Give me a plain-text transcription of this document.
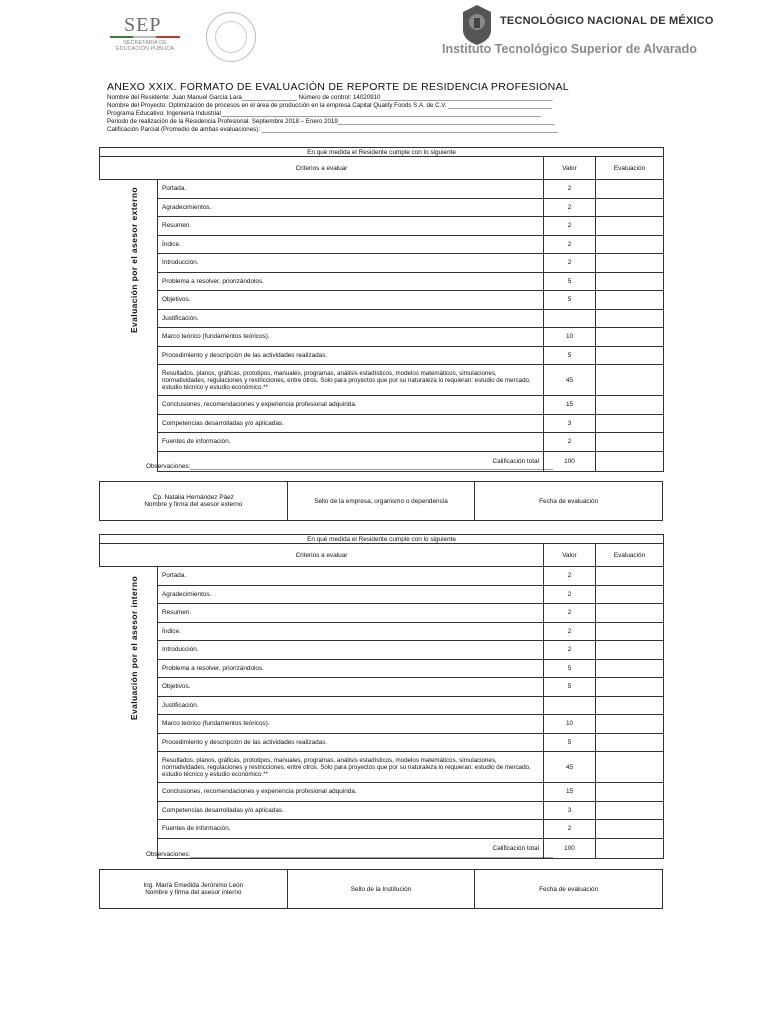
SEP
SECRETARÍA DE EDUCACIÓN PÚBLICA
TECNOLÓGICO NACIONAL DE MÉXICO
Instituto Tecnológico Superior de Alvarado
ANEXO XXIX. FORMATO DE EVALUACIÓN DE REPORTE DE RESIDENCIA PROFESIONAL
Nombre del Residente: Juan Manuel García Lara________________ Número de control: 14020910__________________________________________________
Nombre del Proyecto: Optimización de procesos en el área de producción en la empresa Capital Quality Foods S.A. de C.V. ______________________________
Programa Educativo: Ingeniería Industrial_____________________________________________________________________________________________
Periodo de realización de la Residencia Profesional: Septiembre 2018 – Enero 2019_______________________________________________________________
Calificación Parcial (Promedio de ambas evaluaciones): ______________________________________________________________________________________
Evaluación por el asesor externo
En qué medida el Residente cumple con lo siguiente			
Criterios a evaluar		Valor	Evaluación
	Portada.	2	
	Agradecimientos.	2	
	Resumen.	2	
	Índice.	2	
	Introducción.	2	
	Problema a resolver, priorizándolos.	5	
	Objetivos.	5	
	Justificación.		
	Marco teórico (fundamentos teóricos).	10	
	Procedimiento y descripción de las actividades realizadas.	5	
	Resultados, planos, gráficas, prototipos, manuales, programas, análisis estadísticos, modelos matemáticos, simulaciones, normatividades, regulaciones y restricciones, entre otros. Solo para proyectos que por su naturaleza lo requieran: estudio de mercado, estudio técnico y estudio económico.**	45	
	Conclusiones, recomendaciones y experiencia profesional adquirida.	15	
	Competencias desarrolladas y/o aplicadas.	3	
	Fuentes de información.	2	
	Calificación total	100	
Observaciones:______________________________________________________________________________________________________
Cp. Natalia Hernández Páez
Nombre y firma del asesor externo	Sello de la empresa, organismo o dependencia	Fecha de evaluación
Evaluación por el asesor interno
En qué medida el Residente cumple con lo siguiente			
Criterios a evaluar		Valor	Evaluación
	Portada.	2	
	Agradecimientos.	2	
	Resumen.	2	
	Índice.	2	
	Introducción.	2	
	Problema a resolver, priorizándolos.	5	
	Objetivos.	5	
	Justificación.		
	Marco teórico (fundamentos teóricos).	10	
	Procedimiento y descripción de las actividades realizadas.	5	
	Resultados, planos, gráficas, prototipos, manuales, programas, análisis estadísticos, modelos matemáticos, simulaciones, normatividades, regulaciones y restricciones, entre otros. Solo para proyectos que por su naturaleza lo requieran: estudio de mercado, estudio técnico y estudio económico.**	45	
	Conclusiones, recomendaciones y experiencia profesional adquirida.	15	
	Competencias desarrolladas y/o aplicadas.	3	
	Fuentes de información.	2	
	Calificación total	100	
Observaciones:______________________________________________________________________________________________________
Ing. María Emedida Jerónimo León
Nombre y firma del asesor interno	Sello de la Institución	Fecha de evaluación
